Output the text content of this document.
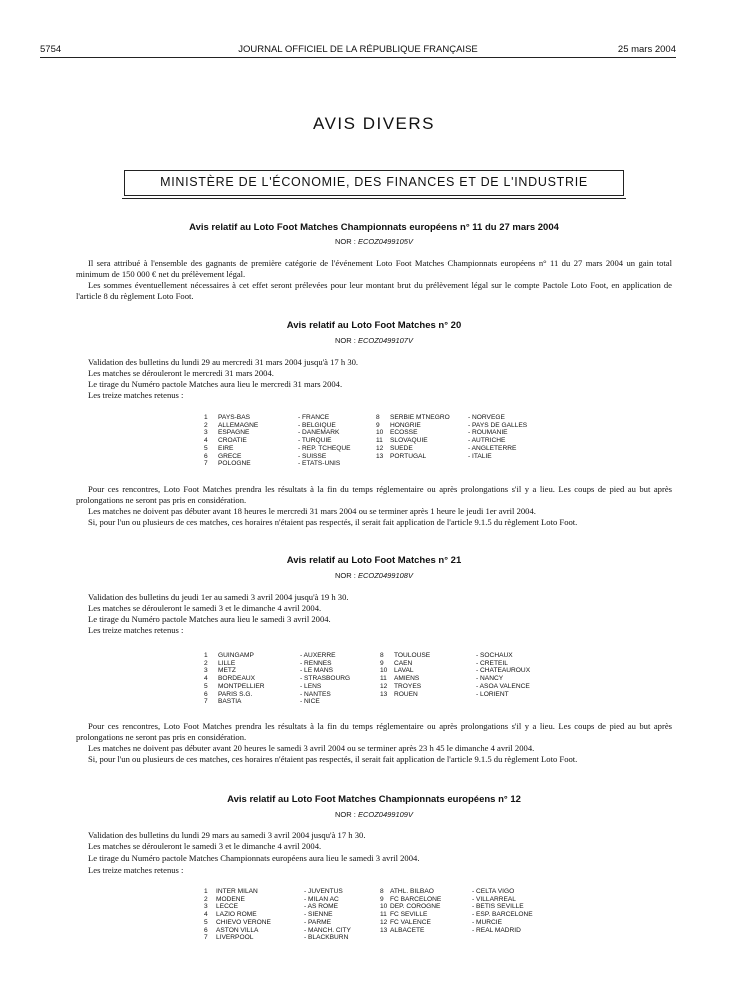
5754	JOURNAL OFFICIEL DE LA RÉPUBLIQUE FRANÇAISE	25 mars 2004
AVIS DIVERS
MINISTÈRE DE L'ÉCONOMIE, DES FINANCES ET DE L'INDUSTRIE
Avis relatif au Loto Foot Matches Championnats européens n° 11 du 27 mars 2004
NOR : ECOZ0499105V

Il sera attribué à l'ensemble des gagnants de première catégorie de l'événement Loto Foot Matches Championnats européens n° 11 du 27 mars 2004 un gain total minimum de 150 000 € net du prélèvement légal.

Les sommes éventuellement nécessaires à cet effet seront prélevées pour leur montant brut du prélèvement légal sur le compte Pactole Loto Foot, en application de l'article 8 du règlement Loto Foot.

Avis relatif au Loto Foot Matches n° 20
NOR : ECOZ0499107V

Validation des bulletins du lundi 29 au mercredi 31 mars 2004 jusqu'à 17 h 30.

Les matches se dérouleront le mercredi 31 mars 2004.

Le tirage du Numéro pactole Matches aura lieu le mercredi 31 mars 2004.

Les treize matches retenus :

1 PAYS-BAS	- FRANCE
2 ALLEMAGNE	- BELGIQUE
3 ESPAGNE	- DANEMARK
4 CROATIE	- TURQUIE
5 EIRE	- REP. TCHEQUE
6 GRECE	- SUISSE
7 POLOGNE	- ETATS-UNIS
8 SERBIE MTNEGRO	- NORVEGE
9 HONGRIE	- PAYS DE GALLES
10 ECOSSE	- ROUMANIE
11 SLOVAQUIE	- AUTRICHE
12 SUEDE	- ANGLETERRE
13 PORTUGAL	- ITALIE

Pour ces rencontres, Loto Foot Matches prendra les résultats à la fin du temps réglementaire ou après prolongations s'il y a lieu. Les coups de pied au but après prolongations ne seront pas pris en considération.

Les matches ne doivent pas débuter avant 18 heures le mercredi 31 mars 2004 ou se terminer après 1 heure le jeudi 1er avril 2004.

Si, pour l'un ou plusieurs de ces matches, ces horaires n'étaient pas respectés, il serait fait application de l'article 9.1.5 du règlement Loto Foot.

Avis relatif au Loto Foot Matches n° 21
NOR : ECOZ0499108V

Validation des bulletins du jeudi 1er au samedi 3 avril 2004 jusqu'à 19 h 30.

Les matches se dérouleront le samedi 3 et le dimanche 4 avril 2004.

Le tirage du Numéro pactole Matches aura lieu le samedi 3 avril 2004.

Les treize matches retenus :

1 GUINGAMP	- AUXERRE
2 LILLE	- RENNES
3 METZ	- LE MANS
4 BORDEAUX	- STRASBOURG
5 MONTPELLIER	- LENS
6 PARIS S.G.	- NANTES
7 BASTIA	- NICE
8 TOULOUSE	- SOCHAUX
9 CAEN	- CRETEIL
10 LAVAL	- CHATEAUROUX
11 AMIENS	- NANCY
12 TROYES	- ASOA VALENCE
13 ROUEN	- LORIENT

Pour ces rencontres, Loto Foot Matches prendra les résultats à la fin du temps réglementaire ou après prolongations s'il y a lieu. Les coups de pied au but après prolongations ne seront pas pris en considération.

Les matches ne doivent pas débuter avant 20 heures le samedi 3 avril 2004 ou se terminer après 23 h 45 le dimanche 4 avril 2004.

Si, pour l'un ou plusieurs de ces matches, ces horaires n'étaient pas respectés, il serait fait application de l'article 9.1.5 du règlement Loto Foot.

Avis relatif au Loto Foot Matches Championnats européens n° 12
NOR : ECOZ0499109V

Validation des bulletins du lundi 29 mars au samedi 3 avril 2004 jusqu'à 17 h 30.

Les matches se dérouleront le samedi 3 et le dimanche 4 avril 2004.

Le tirage du Numéro pactole Matches Championnats européens aura lieu le samedi 3 avril 2004.

Les treize matches retenus :

1 INTER MILAN	- JUVENTUS
2 MODENE	- MILAN AC
3 LECCE	- AS ROME
4 LAZIO ROME	- SIENNE
5 CHIEVO VERONE	- PARME
6 ASTON VILLA	- MANCH. CITY
7 LIVERPOOL	- BLACKBURN
8 ATHL. BILBAO	- CELTA VIGO
9 FC BARCELONE	- VILLARREAL
10 DEP. COROGNE	- BETIS SEVILLE
11 FC SEVILLE	- ESP. BARCELONE
12 FC VALENCE	- MURCIE
13 ALBACETE	- REAL MADRID
